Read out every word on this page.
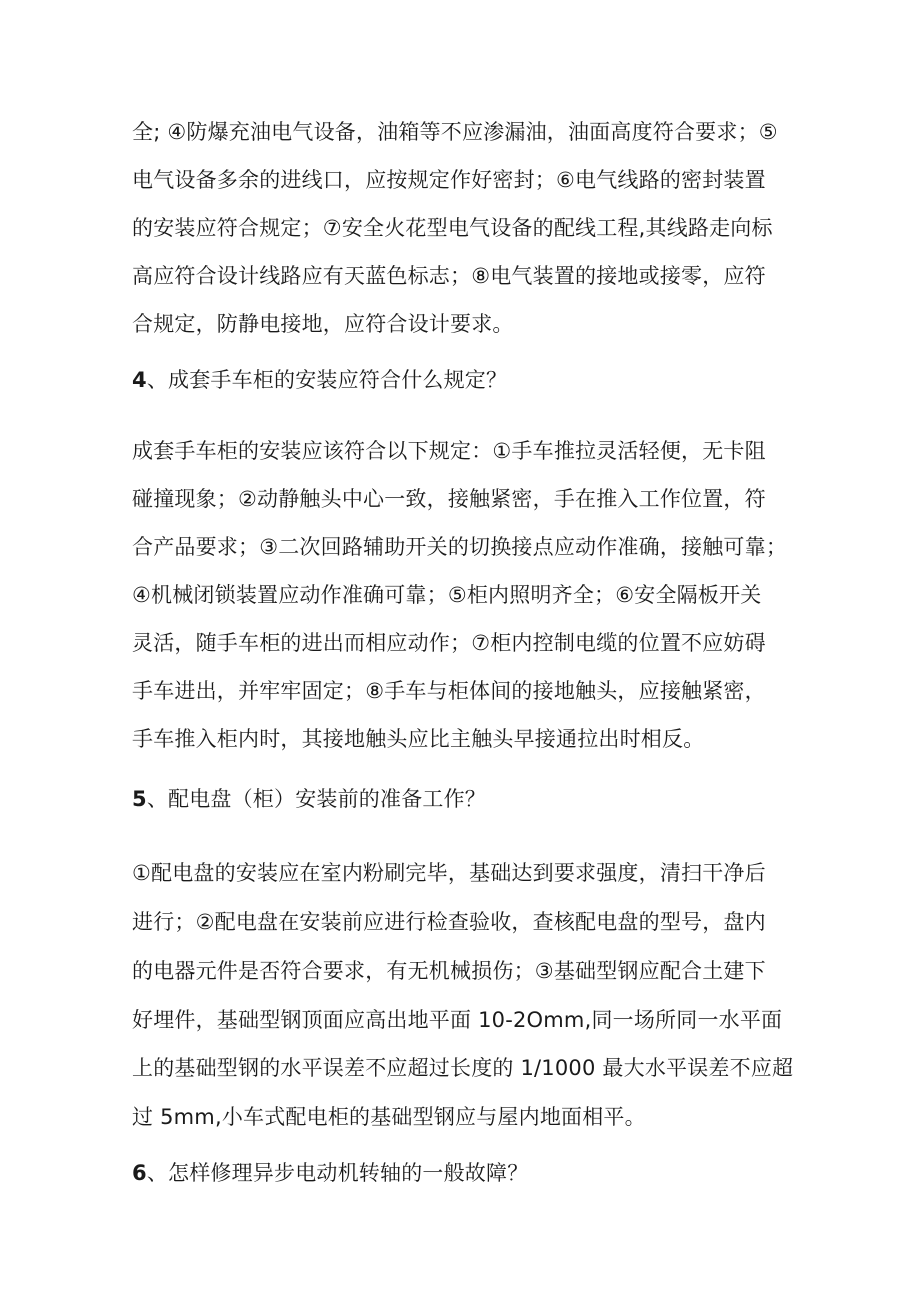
全; ④防爆充油电气设备，油箱等不应渗漏油，油面高度符合要求；⑤
电气设备多余的进线口，应按规定作好密封；⑥电气线路的密封装置
的安装应符合规定；⑦安全火花型电气设备的配线工程,其线路走向标
高应符合设计线路应有天蓝色标志；⑧电气装置的接地或接零，应符
合规定，防静电接地，应符合设计要求。
4、成套手车柜的安装应符合什么规定？
成套手车柜的安装应该符合以下规定：①手车推拉灵活轻便，无卡阻
碰撞现象；②动静触头中心一致，接触紧密，手在推入工作位置，符
合产品要求；③二次回路辅助开关的切换接点应动作准确，接触可靠；
④机械闭锁装置应动作准确可靠；⑤柜内照明齐全；⑥安全隔板开关
灵活，随手车柜的进出而相应动作；⑦柜内控制电缆的位置不应妨碍
手车进出，并牢牢固定；⑧手车与柜体间的接地触头，应接触紧密，
手车推入柜内时，其接地触头应比主触头早接通拉出时相反。
5、配电盘（柜）安装前的准备工作？
①配电盘的安装应在室内粉刷完毕，基础达到要求强度，清扫干净后
进行；②配电盘在安装前应进行检查验收，查核配电盘的型号，盘内
的电器元件是否符合要求，有无机械损伤；③基础型钢应配合土建下
好埋件，基础型钢顶面应高出地平面 10-2Omm,同一场所同一水平面
上的基础型钢的水平误差不应超过长度的 1/1000 最大水平误差不应超
过 5mm,小车式配电柜的基础型钢应与屋内地面相平。
6、怎样修理异步电动机转轴的一般故障？
